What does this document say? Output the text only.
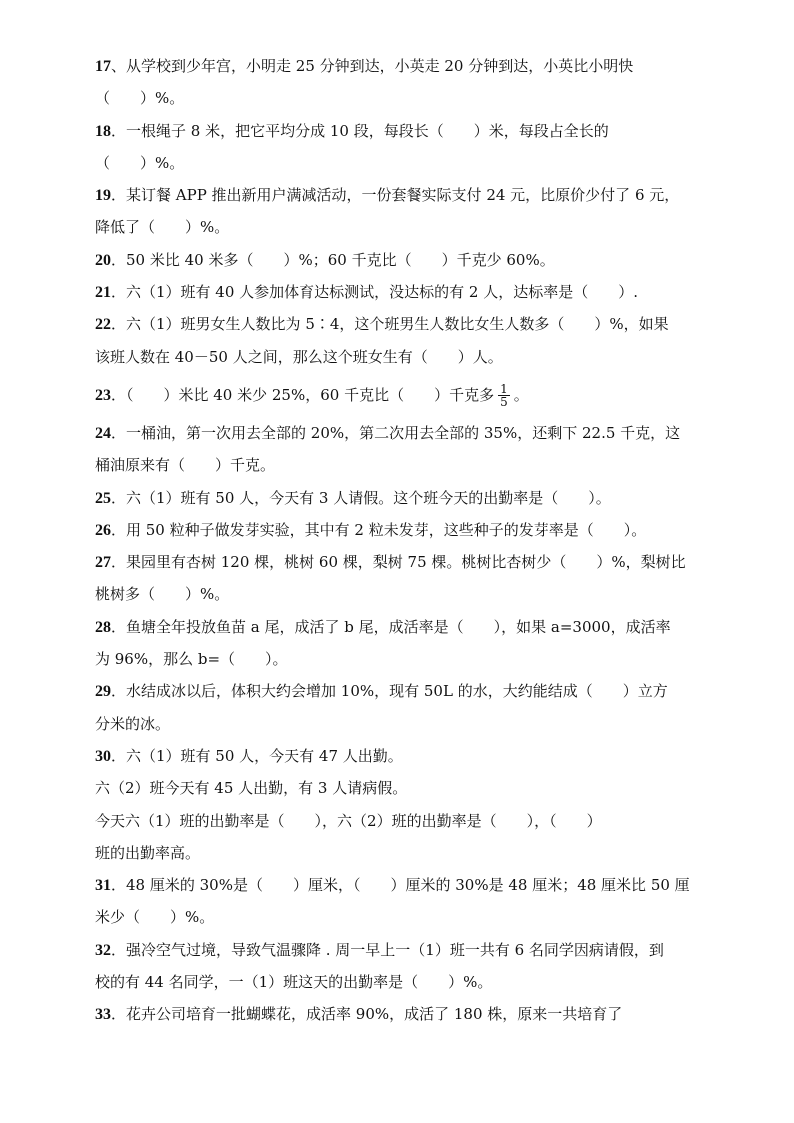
17、从学校到少年宫，小明走 25 分钟到达，小英走 20 分钟到达，小英比小明快
（　　）%。
18．一根绳子 8 米，把它平均分成 10 段，每段长（　　）米，每段占全长的
（　　）%。
19．某订餐 APP 推出新用户满减活动，一份套餐实际支付 24 元，比原价少付了 6 元，
降低了（　　）%。
20．50 米比 40 米多（　　）%；60 千克比（　　）千克少 60%。
21．六（1）班有 40 人参加体育达标测试，没达标的有 2 人，达标率是（　　）.
22．六（1）班男女生人数比为 5∶4，这个班男生人数比女生人数多（　　）%，如果
该班人数在 40－50 人之间，那么这个班女生有（　　）人。
23．（　　）米比 40 米少 25%，60 千克比（　　）千克多 $\frac{1}{5}$ 。
24．一桶油，第一次用去全部的 20%，第二次用去全部的 35%，还剩下 22.5 千克，这
桶油原来有（　　）千克。
25．六（1）班有 50 人，今天有 3 人请假。这个班今天的出勤率是（　　）。
26．用 50 粒种子做发芽实验，其中有 2 粒未发芽，这些种子的发芽率是（　　）。
27．果园里有杏树 120 棵，桃树 60 棵，梨树 75 棵。桃树比杏树少（　　）%，梨树比
桃树多（　　）%。
28．鱼塘全年投放鱼苗 a 尾，成活了 b 尾，成活率是（　　），如果 a=3000，成活率
为 96%，那么 b=（　　）。
29．水结成冰以后，体积大约会增加 10%，现有 50L 的水，大约能结成（　　）立方
分米的冰。
30．六（1）班有 50 人，今天有 47 人出勤。
六（2）班今天有 45 人出勤，有 3 人请病假。
今天六（1）班的出勤率是（　　），六（2）班的出勤率是（　　），（　　）
班的出勤率高。
31．48 厘米的 30%是（　　）厘米，（　　）厘米的 30%是 48 厘米；48 厘米比 50 厘
米少（　　）%。
32．强冷空气过境，导致气温骤降 . 周一早上一（1）班一共有 6 名同学因病请假，到
校的有 44 名同学，一（1）班这天的出勤率是（　　）%。
33．花卉公司培育一批蝴蝶花，成活率 90%，成活了 180 株，原来一共培育了
